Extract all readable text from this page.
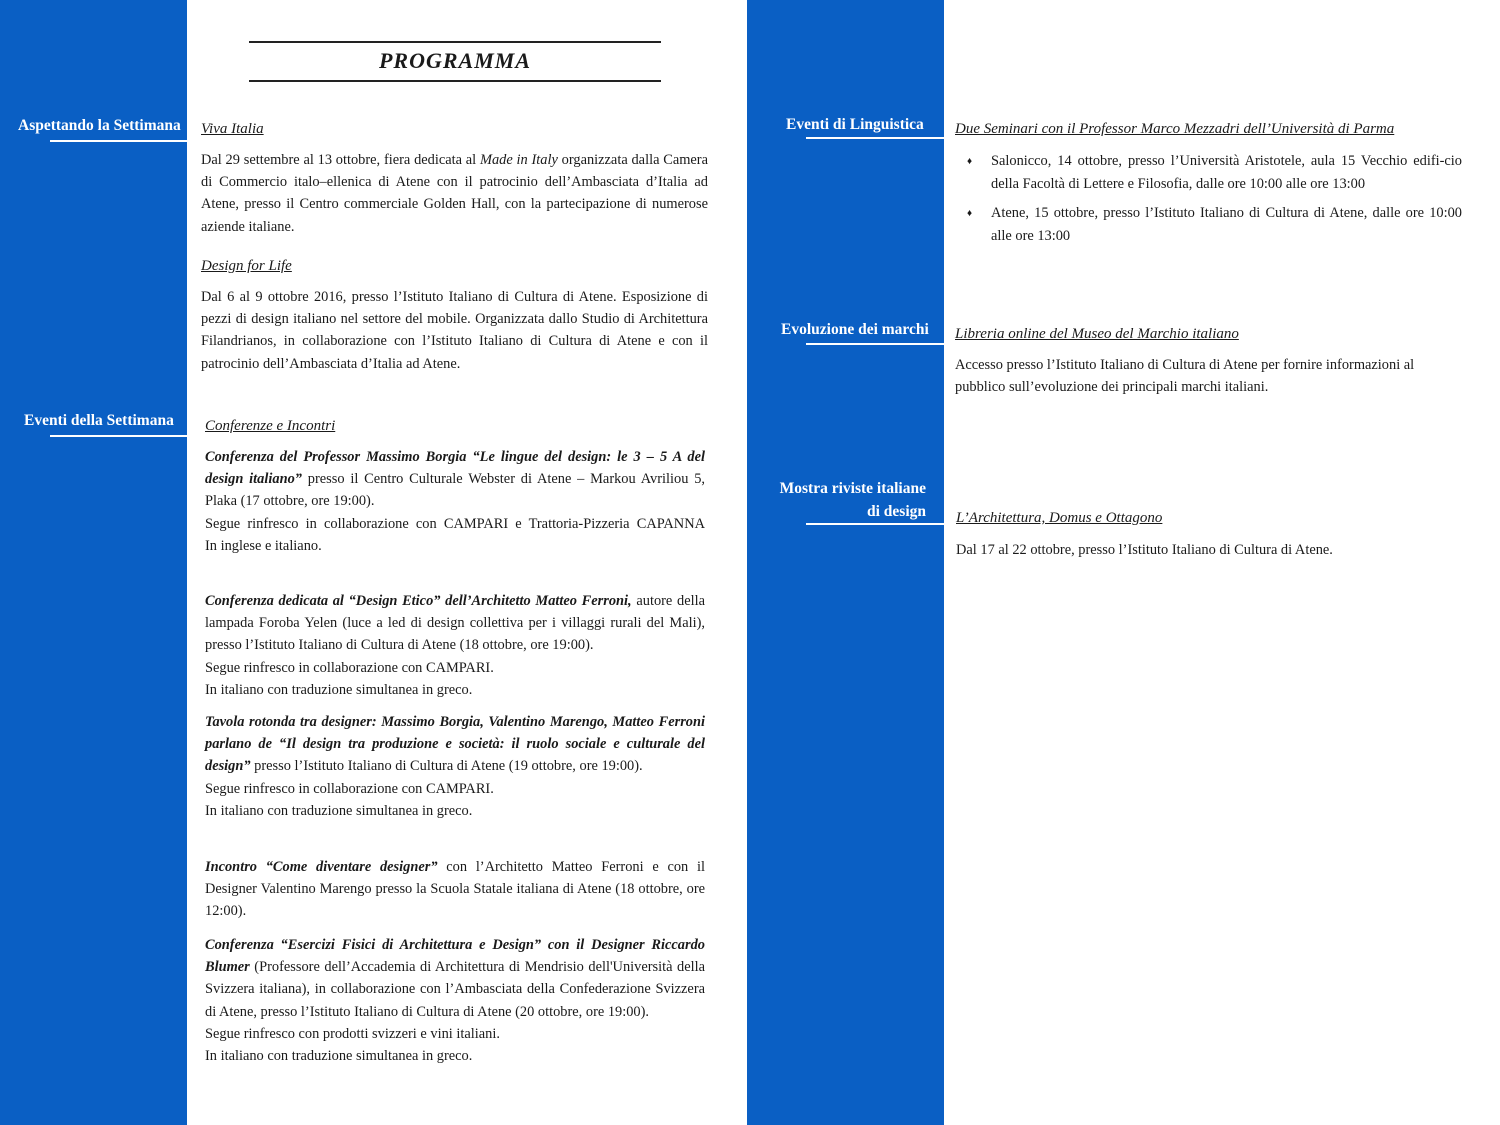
Aspettando la Settimana
Eventi della Settimana
Eventi di Linguistica
Evoluzione dei marchi
Mostra riviste italiane
di design
PROGRAMMA
Viva Italia
Dal 29 settembre al 13 ottobre, fiera dedicata al Made in Italy organizzata dalla Camera di Commercio italo–ellenica di Atene con il patrocinio dell’Ambasciata d’Italia ad Atene, presso il Centro commerciale Golden Hall, con la partecipazione di numerose aziende italiane.
Design for Life
Dal 6 al 9 ottobre 2016, presso l’Istituto Italiano di Cultura di Atene. Esposizione di pezzi di design italiano nel settore del mobile. Organizzata dallo Studio di Architettura Filandrianos, in collaborazione con l’Istituto Italiano di Cultura di Atene e con il patrocinio dell’Ambasciata d’Italia ad Atene.
Conferenze e Incontri
Conferenza del Professor Massimo Borgia “Le lingue del design: le 3 – 5 A del design italiano” presso il Centro Culturale Webster di Atene – Markou Avriliou 5, Plaka (17 ottobre, ore 19:00).
Segue rinfresco in collaborazione con CAMPARI e Trattoria-Pizzeria CAPANNA
In inglese e italiano.
Conferenza dedicata al “Design Etico” dell’Architetto Matteo Ferroni, autore della lampada Foroba Yelen (luce a led di design collettiva per i villaggi rurali del Mali), presso l’Istituto Italiano di Cultura di Atene (18 ottobre, ore 19:00).
Segue rinfresco in collaborazione con CAMPARI.
In italiano con traduzione simultanea in greco.
Tavola rotonda tra designer: Massimo Borgia, Valentino Marengo, Matteo Ferroni parlano de “Il design tra produzione e società: il ruolo sociale e culturale del design” presso l’Istituto Italiano di Cultura di Atene (19 ottobre, ore 19:00).
Segue rinfresco in collaborazione con CAMPARI.
In italiano con traduzione simultanea in greco.
Incontro “Come diventare designer” con l’Architetto Matteo Ferroni e con il Designer Valentino Marengo presso la Scuola Statale italiana di Atene (18 ottobre, ore 12:00).
Conferenza “Esercizi Fisici di Architettura e Design” con il Designer Riccardo Blumer (Professore dell’Accademia di Architettura di Mendrisio dell'Università della Svizzera italiana), in collaborazione con l’Ambasciata della Confederazione Svizzera di Atene, presso l’Istituto Italiano di Cultura di Atene (20 ottobre, ore 19:00).
Segue rinfresco con prodotti svizzeri e vini italiani.
In italiano con traduzione simultanea in greco.
Due Seminari con il Professor Marco Mezzadri dell’Università di Parma
♦ Salonicco, 14 ottobre, presso l’Università Aristotele, aula 15 Vecchio edifi-cio della Facoltà di Lettere e Filosofia, dalle ore 10:00 alle ore 13:00
♦ Atene, 15 ottobre, presso l’Istituto Italiano di Cultura di Atene, dalle ore 10:00 alle ore 13:00
Libreria online del Museo del Marchio italiano
Accesso presso l’Istituto Italiano di Cultura di Atene per fornire informazioni al pubblico sull’evoluzione dei principali marchi italiani.
L’Architettura, Domus e Ottagono
Dal 17 al 22 ottobre, presso l’Istituto Italiano di Cultura di Atene.
